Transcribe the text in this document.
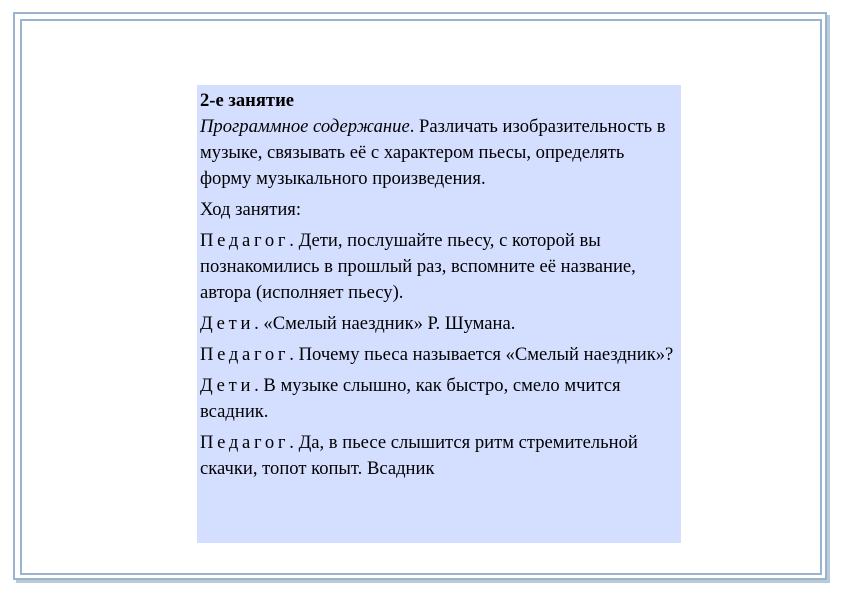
2-е занятие

Программное содержание. Различать изобразительность в музыке, связывать её с характером пьесы, определять форму музыкального произведения.

Ход занятия:

Педагог. Дети, послушайте пьесу, с которой вы познакомились в прошлый раз, вспомните её название, автора (исполняет пьесу).

Дети. «Смелый наездник» Р. Шумана.

Педагог. Почему пьеса называется «Смелый наездник»?

Дети. В музыке слышно, как быстро, смело мчится всадник.

Педагог. Да, в пьесе слышится ритм стремительной скачки, топот копыт. Всадник
